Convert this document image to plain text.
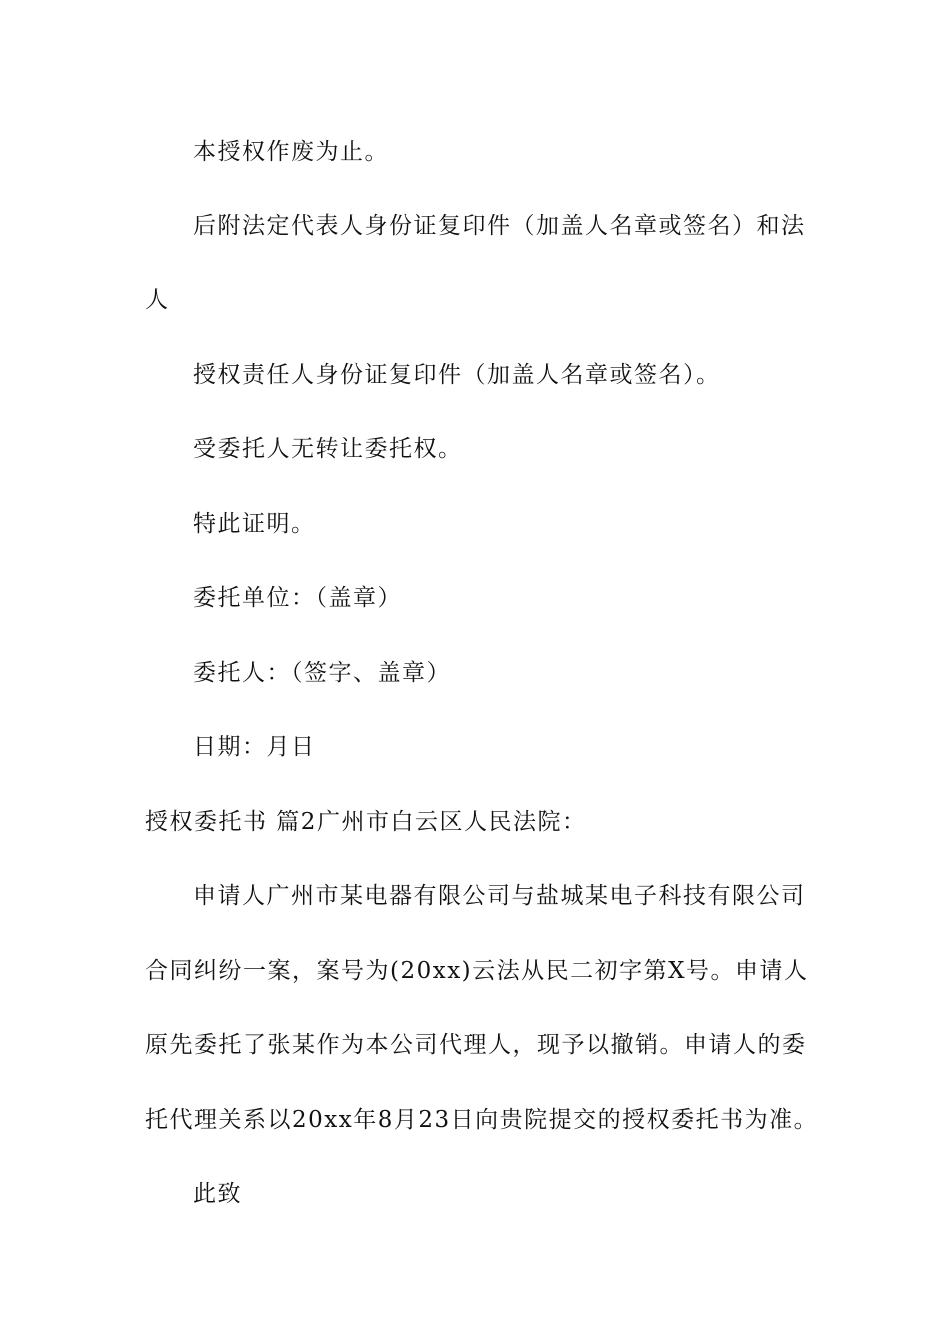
本授权作废为止。
后附法定代表人身份证复印件（加盖人名章或签名）和法
人
授权责任人身份证复印件（加盖人名章或签名）。
受委托人无转让委托权。
特此证明。
委托单位：（盖章）
委托人：（签字、盖章）
日期：月日
授权委托书 篇2广州市白云区人民法院：
申请人广州市某电器有限公司与盐城某电子科技有限公司
合同纠纷一案，案号为(20xx)云法从民二初字第X号。申请人
原先委托了张某作为本公司代理人，现予以撤销。申请人的委
托代理关系以20xx年8月23日向贵院提交的授权委托书为准。
此致
